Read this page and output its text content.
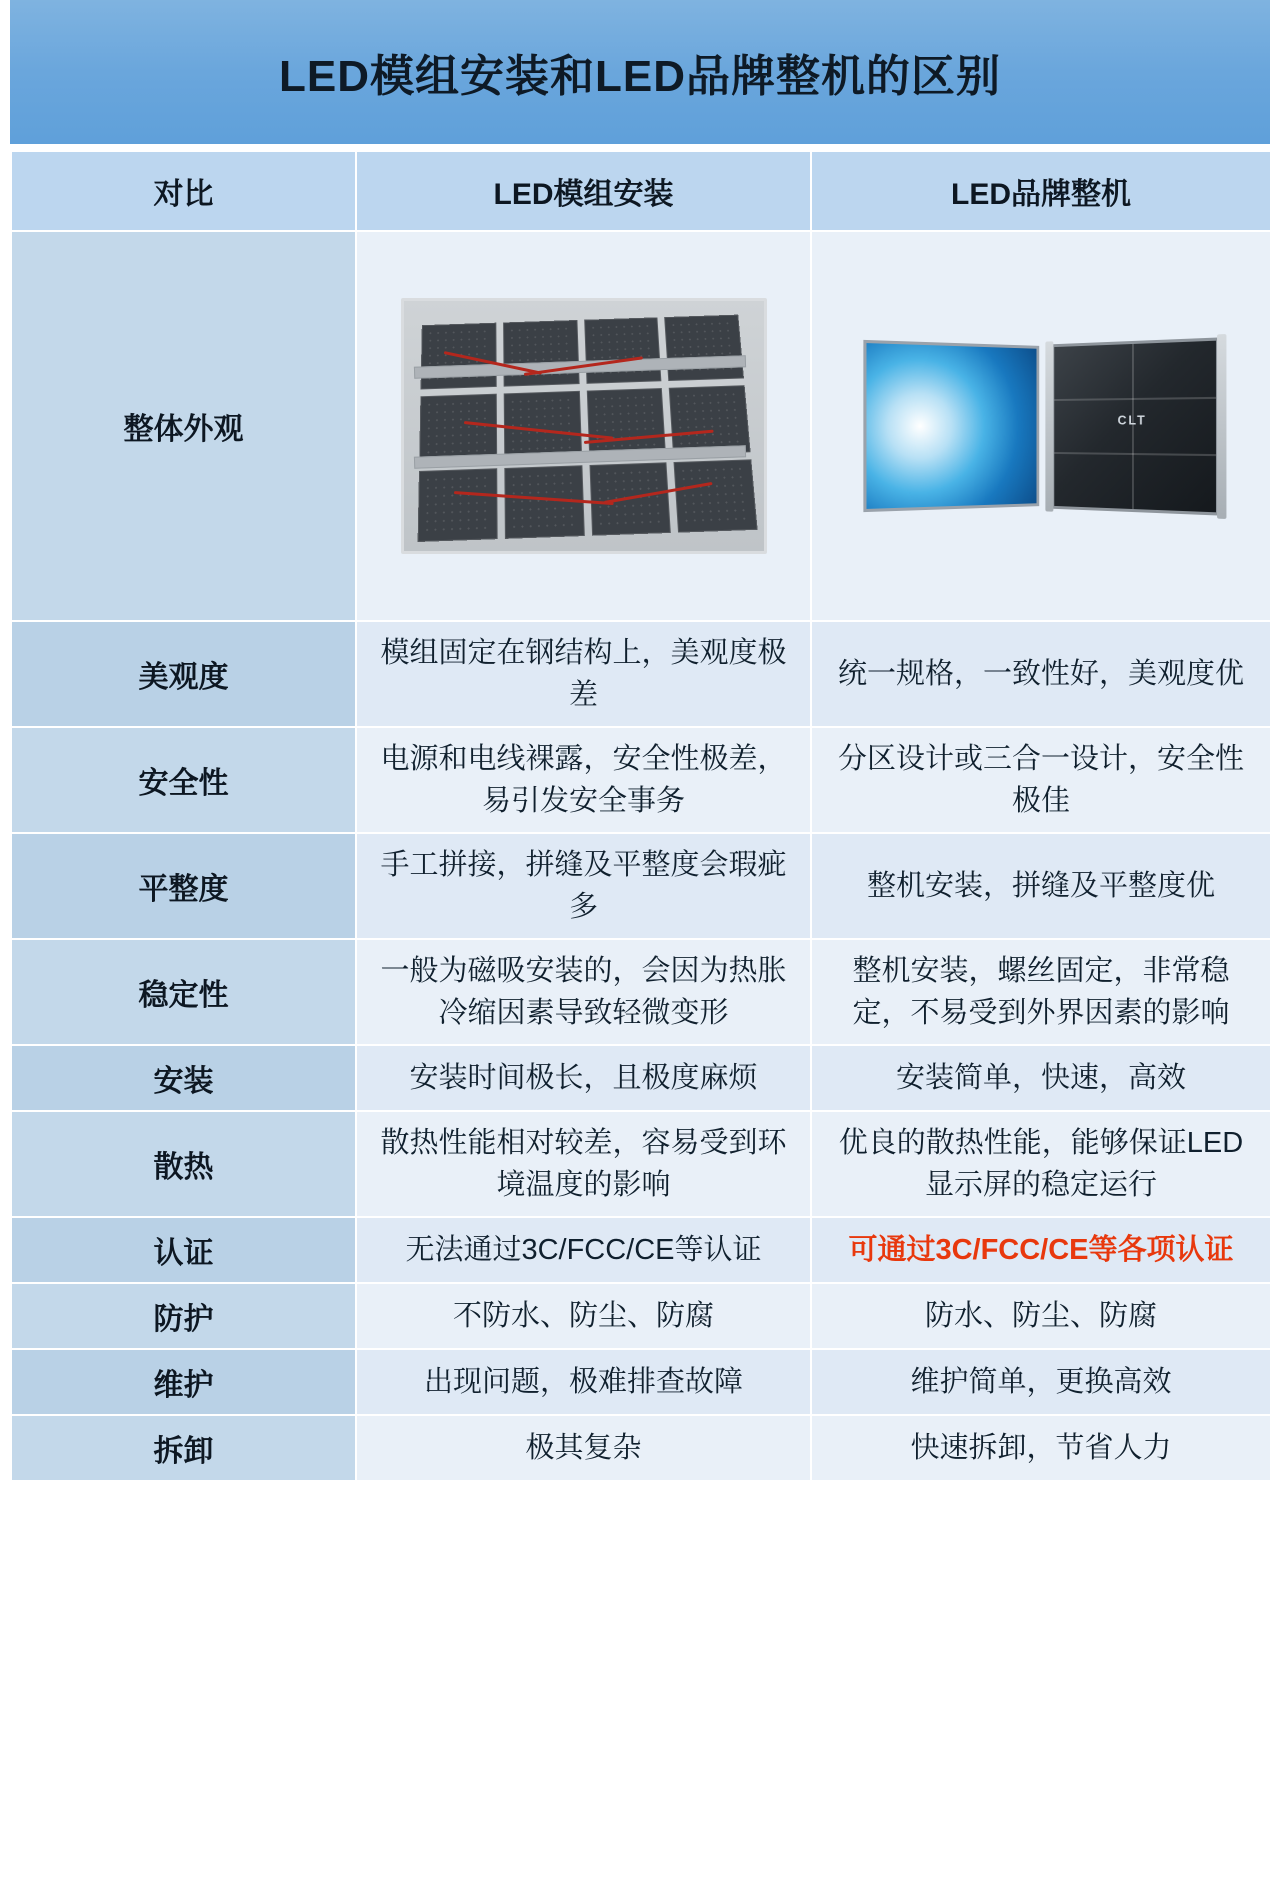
LED模组安装和LED品牌整机的区别
对比	LED模组安装	LED品牌整机
整体外观		CLT

美观度	模组固定在钢结构上，美观度极差	统一规格，一致性好，美观度优
安全性	电源和电线裸露，安全性极差，易引发安全事务	分区设计或三合一设计，安全性极佳
平整度	手工拼接，拼缝及平整度会瑕疵多	整机安装，拼缝及平整度优
稳定性	一般为磁吸安装的，会因为热胀冷缩因素导致轻微变形	整机安装，螺丝固定，非常稳定，不易受到外界因素的影响
安装	安装时间极长，且极度麻烦	安装简单，快速，高效
散热	散热性能相对较差，容易受到环境温度的影响	优良的散热性能，能够保证LED显示屏的稳定运行
认证	无法通过3C/FCC/CE等认证	可通过3C/FCC/CE等各项认证
防护	不防水、防尘、防腐	防水、防尘、防腐
维护	出现问题，极难排查故障	维护简单，更换高效
拆卸	极其复杂	快速拆卸，节省人力
